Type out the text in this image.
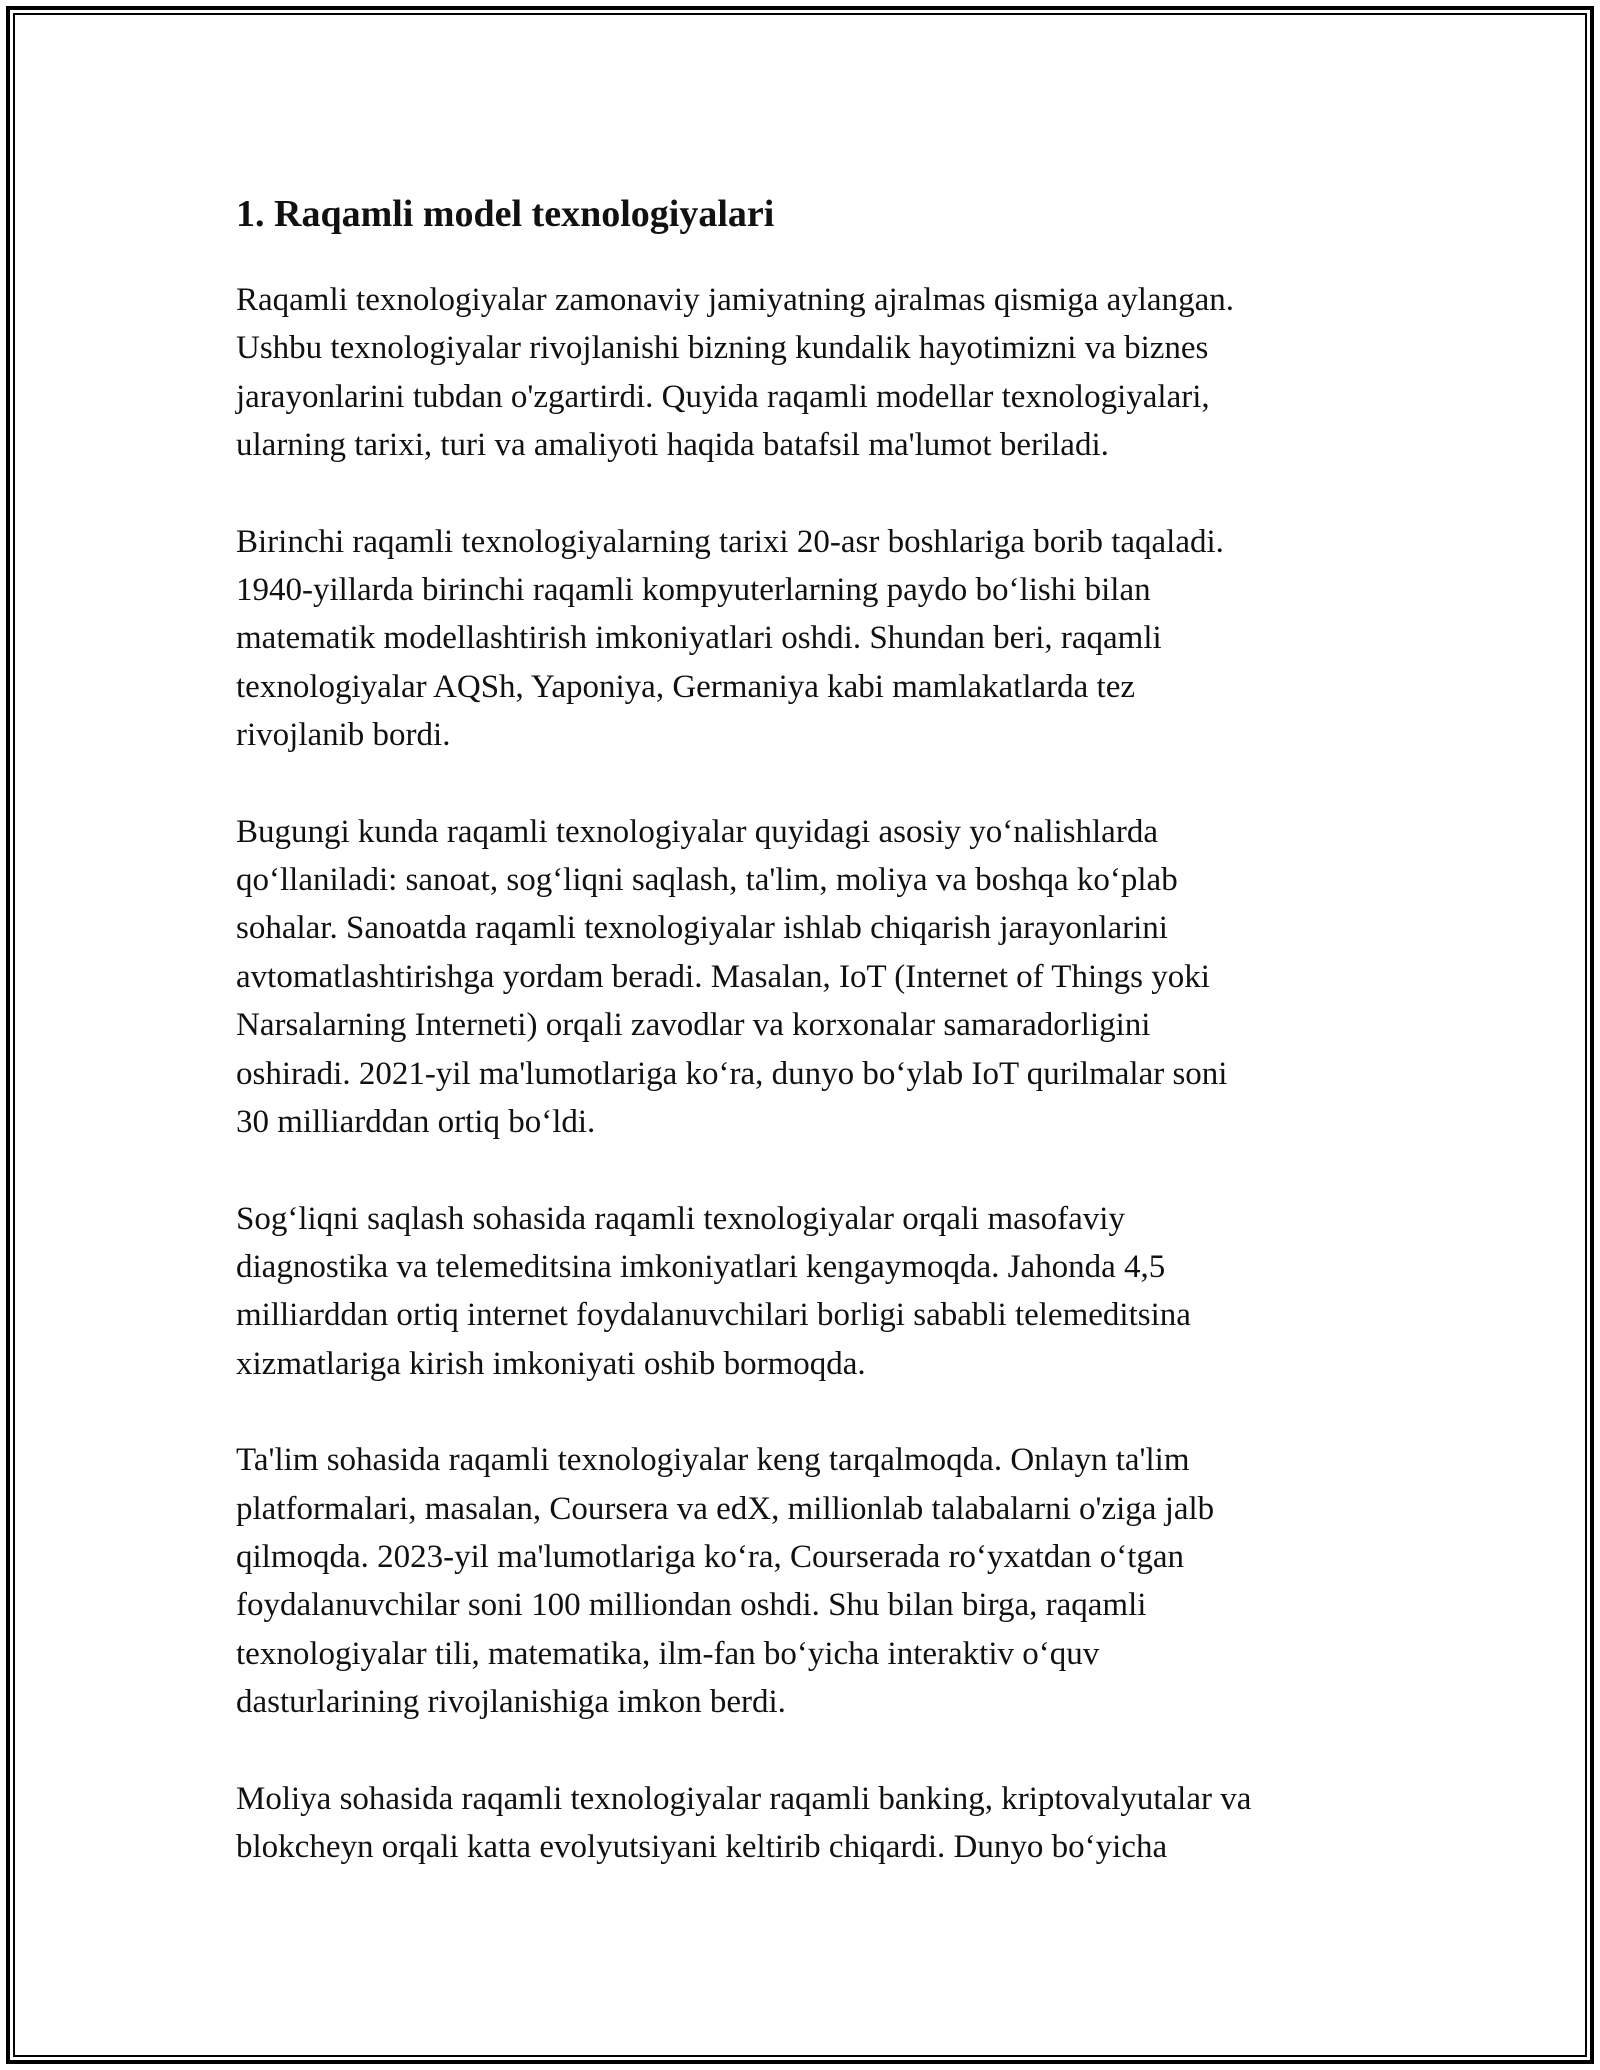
1. Raqamli model texnologiyalari

Raqamli texnologiyalar zamonaviy jamiyatning ajralmas qismiga aylangan.
Ushbu texnologiyalar rivojlanishi bizning kundalik hayotimizni va biznes
jarayonlarini tubdan o'zgartirdi. Quyida raqamli modellar texnologiyalari,
ularning tarixi, turi va amaliyoti haqida batafsil ma'lumot beriladi.

Birinchi raqamli texnologiyalarning tarixi 20-asr boshlariga borib taqaladi.
1940-yillarda birinchi raqamli kompyuterlarning paydo bo‘lishi bilan
matematik modellashtirish imkoniyatlari oshdi. Shundan beri, raqamli
texnologiyalar AQSh, Yaponiya, Germaniya kabi mamlakatlarda tez
rivojlanib bordi.

Bugungi kunda raqamli texnologiyalar quyidagi asosiy yo‘nalishlarda
qo‘llaniladi: sanoat, sog‘liqni saqlash, ta'lim, moliya va boshqa ko‘plab
sohalar. Sanoatda raqamli texnologiyalar ishlab chiqarish jarayonlarini
avtomatlashtirishga yordam beradi. Masalan, IoT (Internet of Things yoki
Narsalarning Interneti) orqali zavodlar va korxonalar samaradorligini
oshiradi. 2021-yil ma'lumotlariga ko‘ra, dunyo bo‘ylab IoT qurilmalar soni
30 milliarddan ortiq bo‘ldi.

Sog‘liqni saqlash sohasida raqamli texnologiyalar orqali masofaviy
diagnostika va telemeditsina imkoniyatlari kengaymoqda. Jahonda 4,5
milliarddan ortiq internet foydalanuvchilari borligi sababli telemeditsina
xizmatlariga kirish imkoniyati oshib bormoqda.

Ta'lim sohasida raqamli texnologiyalar keng tarqalmoqda. Onlayn ta'lim
platformalari, masalan, Coursera va edX, millionlab talabalarni o'ziga jalb
qilmoqda. 2023-yil ma'lumotlariga ko‘ra, Courserada ro‘yxatdan o‘tgan
foydalanuvchilar soni 100 milliondan oshdi. Shu bilan birga, raqamli
texnologiyalar tili, matematika, ilm-fan bo‘yicha interaktiv o‘quv
dasturlarining rivojlanishiga imkon berdi.

Moliya sohasida raqamli texnologiyalar raqamli banking, kriptovalyutalar va
blokcheyn orqali katta evolyutsiyani keltirib chiqardi. Dunyo bo‘yicha
